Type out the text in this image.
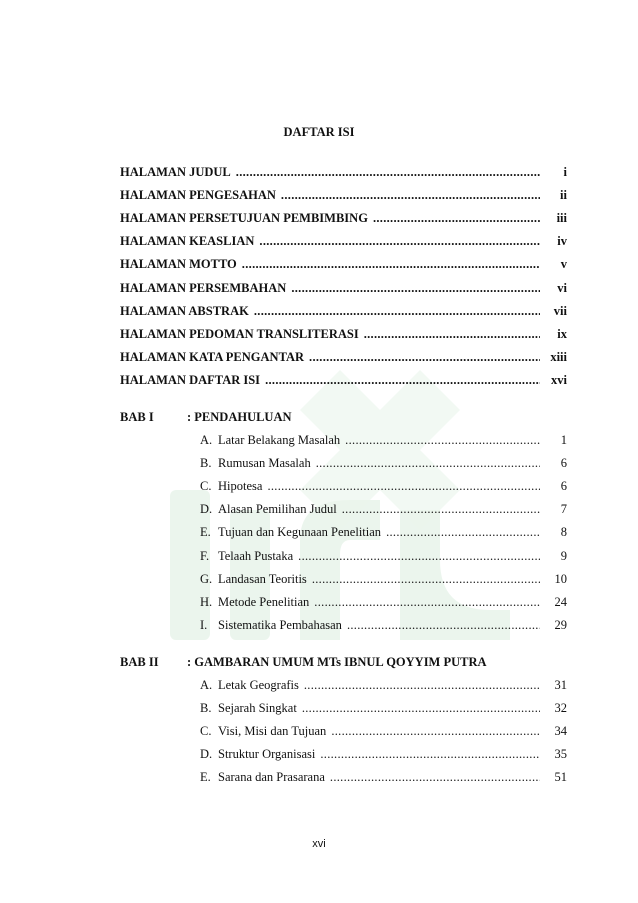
DAFTAR ISI
HALAMAN JUDUL .....	i
HALAMAN PENGESAHAN .....	ii
HALAMAN PERSETUJUAN PEMBIMBING .....	iii
HALAMAN KEASLIAN .....	iv
HALAMAN MOTTO .....	v
HALAMAN PERSEMBAHAN .....	vi
HALAMAN ABSTRAK .....	vii
HALAMAN PEDOMAN TRANSLITERASI .....	ix
HALAMAN KATA PENGANTAR .....	xiii
HALAMAN DAFTAR ISI .....	xvi
BAB I	: PENDAHULUAN
A. Latar Belakang Masalah .....	1
B. Rumusan Masalah .....	6
C. Hipotesa .....	6
D. Alasan Pemilihan Judul .....	7
E. Tujuan dan Kegunaan Penelitian .....	8
F. Telaah Pustaka .....	9
G. Landasan Teoritis .....	10
H. Metode Penelitian .....	24
I. Sistematika Pembahasan .....	29
BAB II	: GAMBARAN UMUM MTs IBNUL QOYYIM PUTRA
A. Letak Geografis .....	31
B. Sejarah Singkat .....	32
C. Visi, Misi dan Tujuan .....	34
D. Struktur Organisasi .....	35
E. Sarana dan Prasarana .....	51
xvi
